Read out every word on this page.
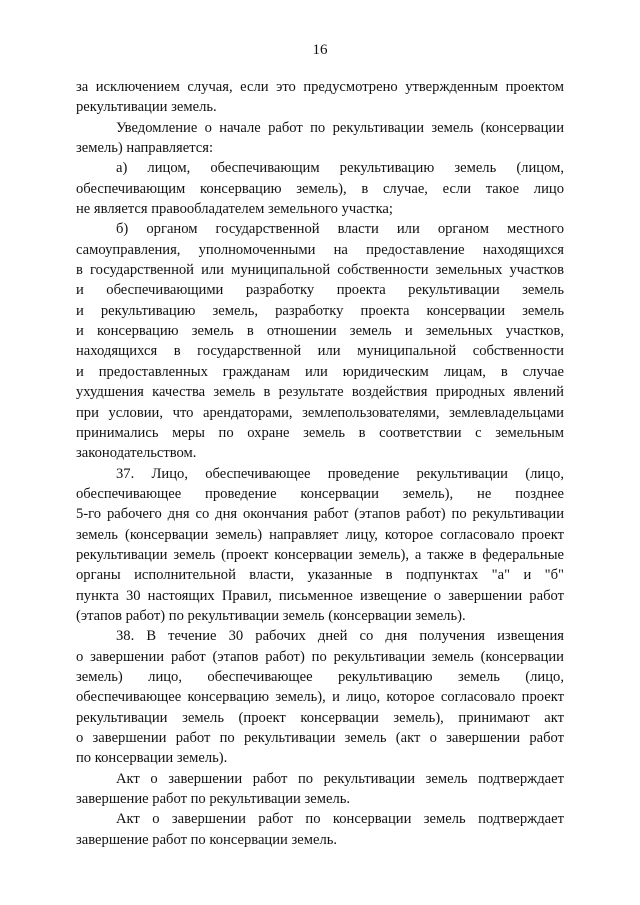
16
за исключением случая, если это предусмотрено утвержденным проектом
рекультивации земель.
Уведомление о начале работ по рекультивации земель (консервации
земель) направляется:
а) лицом, обеспечивающим рекультивацию земель (лицом,
обеспечивающим консервацию земель), в случае, если такое лицо
не является правообладателем земельного участка;
б) органом государственной власти или органом местного
самоуправления, уполномоченными на предоставление находящихся
в государственной или муниципальной собственности земельных участков
и обеспечивающими разработку проекта рекультивации земель
и рекультивацию земель, разработку проекта консервации земель
и консервацию земель в отношении земель и земельных участков,
находящихся в государственной или муниципальной собственности
и предоставленных гражданам или юридическим лицам, в случае
ухудшения качества земель в результате воздействия природных явлений
при условии, что арендаторами, землепользователями, землевладельцами
принимались меры по охране земель в соответствии с земельным
законодательством.
37. Лицо, обеспечивающее проведение рекультивации (лицо,
обеспечивающее проведение консервации земель), не позднее
5-го рабочего дня со дня окончания работ (этапов работ) по рекультивации
земель (консервации земель) направляет лицу, которое согласовало проект
рекультивации земель (проект консервации земель), а также в федеральные
органы исполнительной власти, указанные в подпунктах "а" и "б"
пункта 30 настоящих Правил, письменное извещение о завершении работ
(этапов работ) по рекультивации земель (консервации земель).
38. В течение 30 рабочих дней со дня получения извещения
о завершении работ (этапов работ) по рекультивации земель (консервации
земель) лицо, обеспечивающее рекультивацию земель (лицо,
обеспечивающее консервацию земель), и лицо, которое согласовало проект
рекультивации земель (проект консервации земель), принимают акт
о завершении работ по рекультивации земель (акт о завершении работ
по консервации земель).
Акт о завершении работ по рекультивации земель подтверждает
завершение работ по рекультивации земель.
Акт о завершении работ по консервации земель подтверждает
завершение работ по консервации земель.
